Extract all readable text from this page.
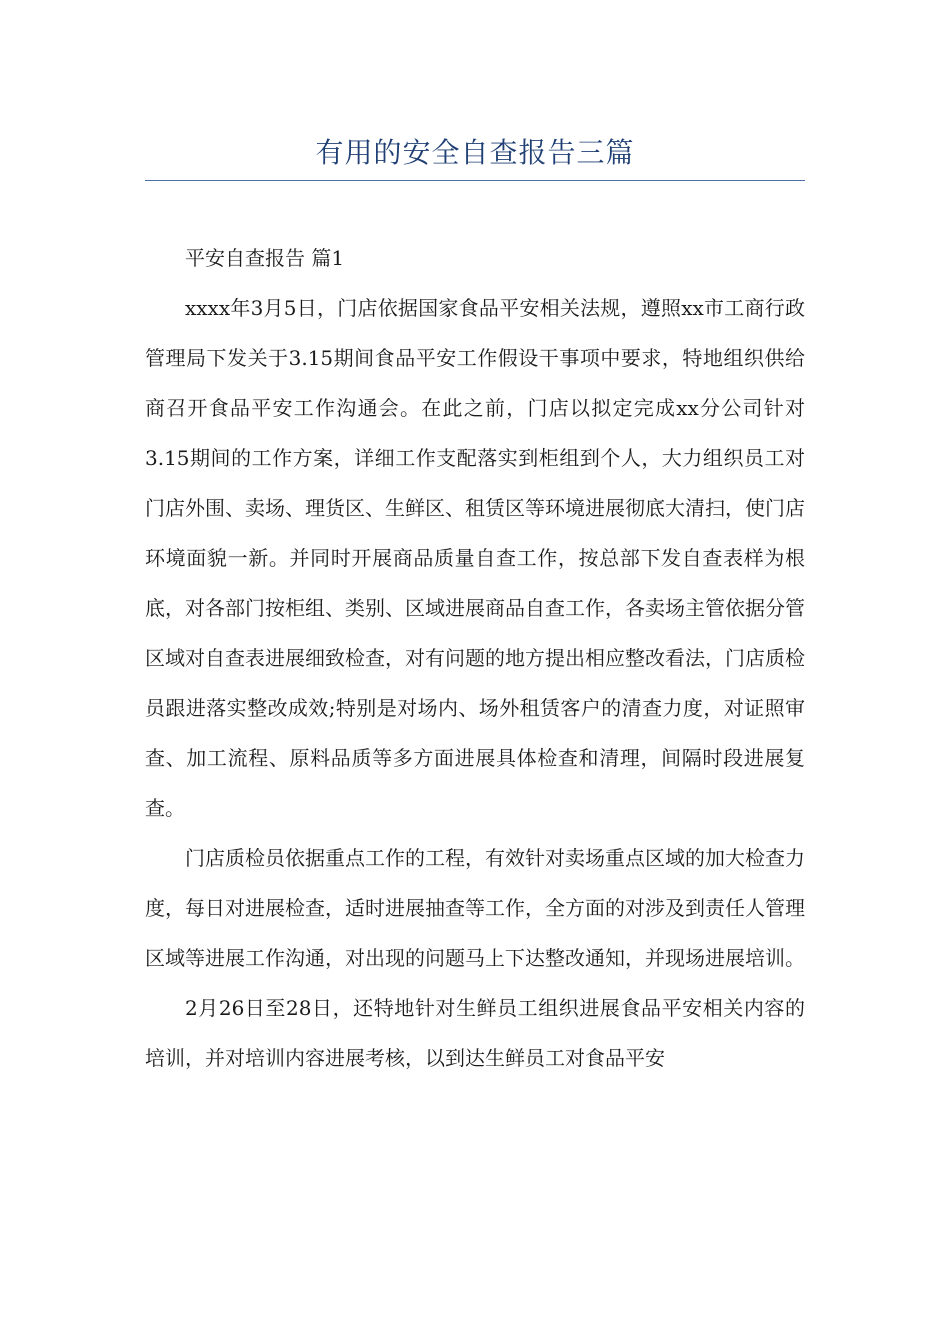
有用的安全自查报告三篇

平安自查报告 篇1

xxxx年3月5日，门店依据国家食品平安相关法规，遵照xx市工商行政管理局下发关于3.15期间食品平安工作假设干事项中要求，特地组织供给商召开食品平安工作沟通会。在此之前，门店以拟定完成xx分公司针对3.15期间的工作方案，详细工作支配落实到柜组到个人，大力组织员工对门店外围、卖场、理货区、生鲜区、租赁区等环境进展彻底大清扫，使门店环境面貌一新。并同时开展商品质量自查工作，按总部下发自查表样为根底，对各部门按柜组、类别、区域进展商品自查工作，各卖场主管依据分管区域对自查表进展细致检查，对有问题的地方提出相应整改看法，门店质检员跟进落实整改成效;特别是对场内、场外租赁客户的清查力度，对证照审查、加工流程、原料品质等多方面进展具体检查和清理，间隔时段进展复查。

门店质检员依据重点工作的工程，有效针对卖场重点区域的加大检查力度，每日对进展检查，适时进展抽查等工作，全方面的对涉及到责任人管理区域等进展工作沟通，对出现的问题马上下达整改通知，并现场进展培训。

2月26日至28日，还特地针对生鲜员工组织进展食品平安相关内容的培训，并对培训内容进展考核，以到达生鲜员工对食品平安
